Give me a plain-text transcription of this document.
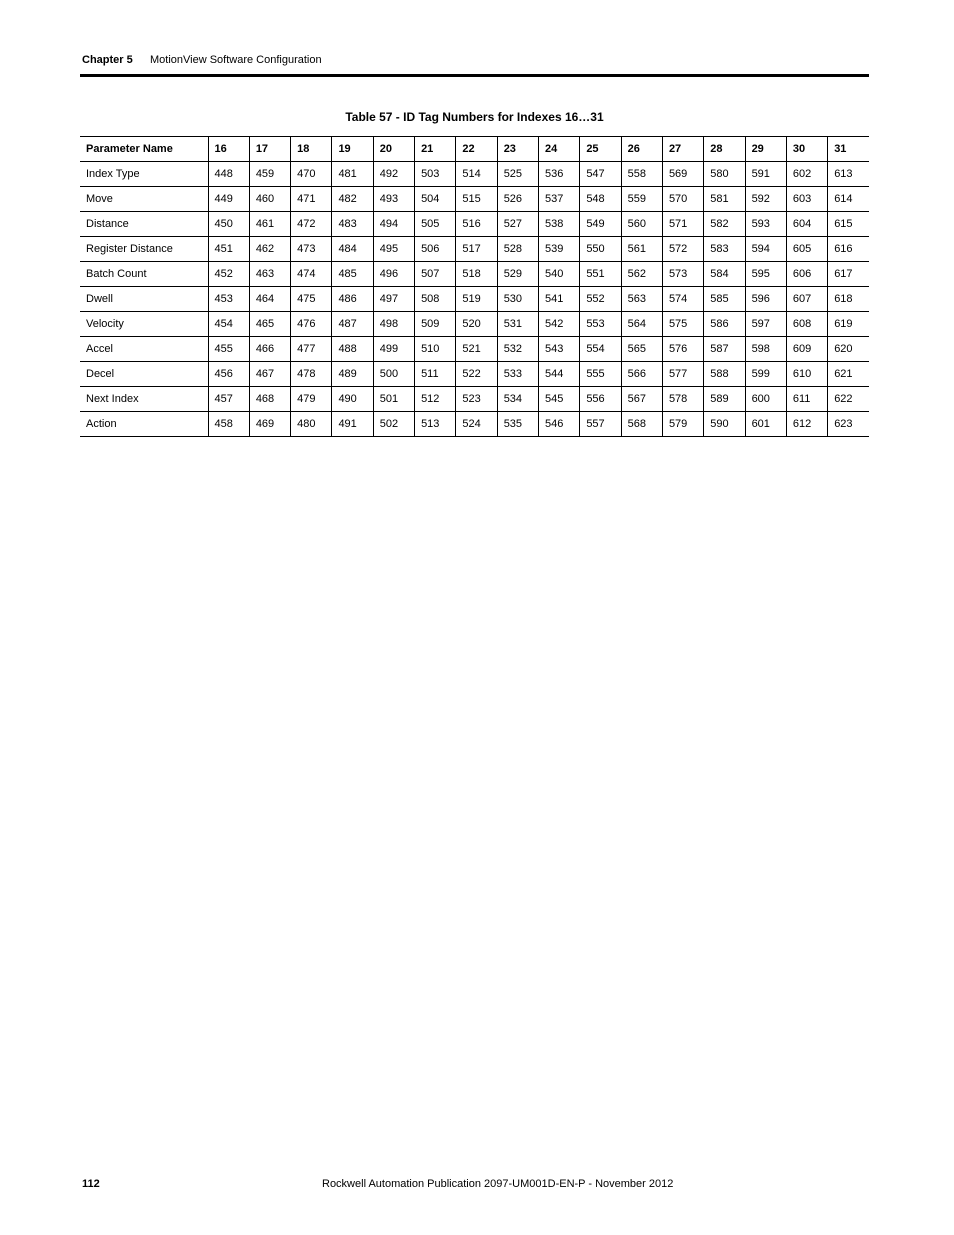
Chapter 5 MotionView Software Configuration
Table 57 - ID Tag Numbers for Indexes 16…31
Parameter Name	16	17	18	19	20	21	22	23	24	25	26	27	28	29	30	31
Index Type	448	459	470	481	492	503	514	525	536	547	558	569	580	591	602	613
Move	449	460	471	482	493	504	515	526	537	548	559	570	581	592	603	614
Distance	450	461	472	483	494	505	516	527	538	549	560	571	582	593	604	615
Register Distance	451	462	473	484	495	506	517	528	539	550	561	572	583	594	605	616
Batch Count	452	463	474	485	496	507	518	529	540	551	562	573	584	595	606	617
Dwell	453	464	475	486	497	508	519	530	541	552	563	574	585	596	607	618
Velocity	454	465	476	487	498	509	520	531	542	553	564	575	586	597	608	619
Accel	455	466	477	488	499	510	521	532	543	554	565	576	587	598	609	620
Decel	456	467	478	489	500	511	522	533	544	555	566	577	588	599	610	621
Next Index	457	468	479	490	501	512	523	534	545	556	567	578	589	600	611	622
Action	458	469	480	491	502	513	524	535	546	557	568	579	590	601	612	623
112	Rockwell Automation Publication 2097-UM001D-EN-P - November 2012
